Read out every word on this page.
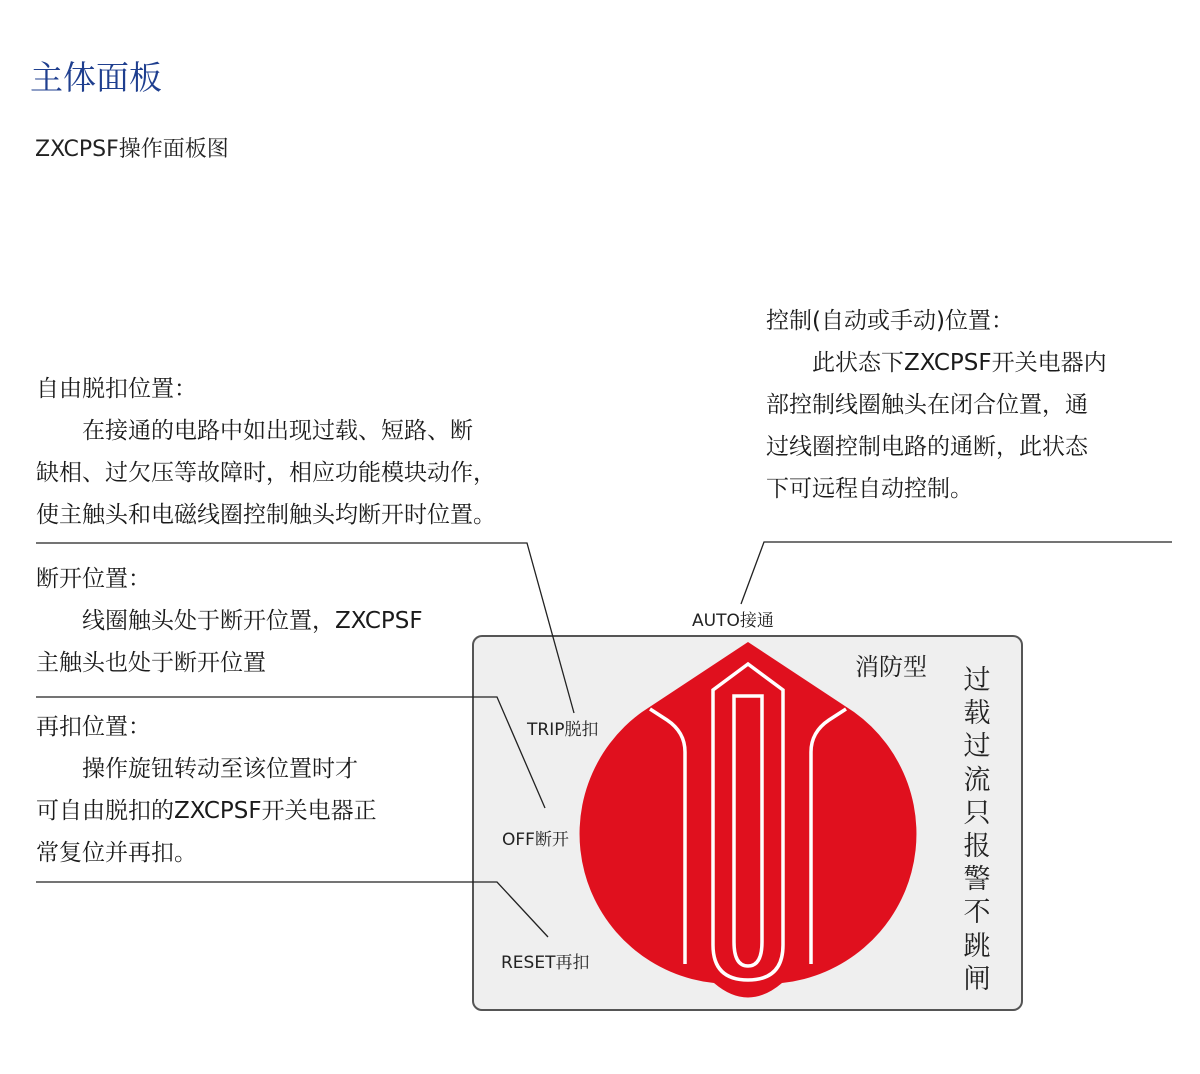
主体面板
ZXCPSF操作面板图

自由脱扣位置：

在接通的电路中如出现过载、短路、断

缺相、过欠压等故障时，相应功能模块动作，

使主触头和电磁线圈控制触头均断开时位置。

断开位置：

线圈触头处于断开位置，ZXCPSF

主触头也处于断开位置

再扣位置：

操作旋钮转动至该位置时才

可自由脱扣的ZXCPSF开关电器正

常复位并再扣。

控制(自动或手动)位置：

此状态下ZXCPSF开关电器内

部控制线圈触头在闭合位置，通

过线圈控制电路的通断，此状态

下可远程自动控制。

AUTO接通
TRIP脱扣
OFF断开
RESET再扣
消防型 过载过流只报警不跳闸
